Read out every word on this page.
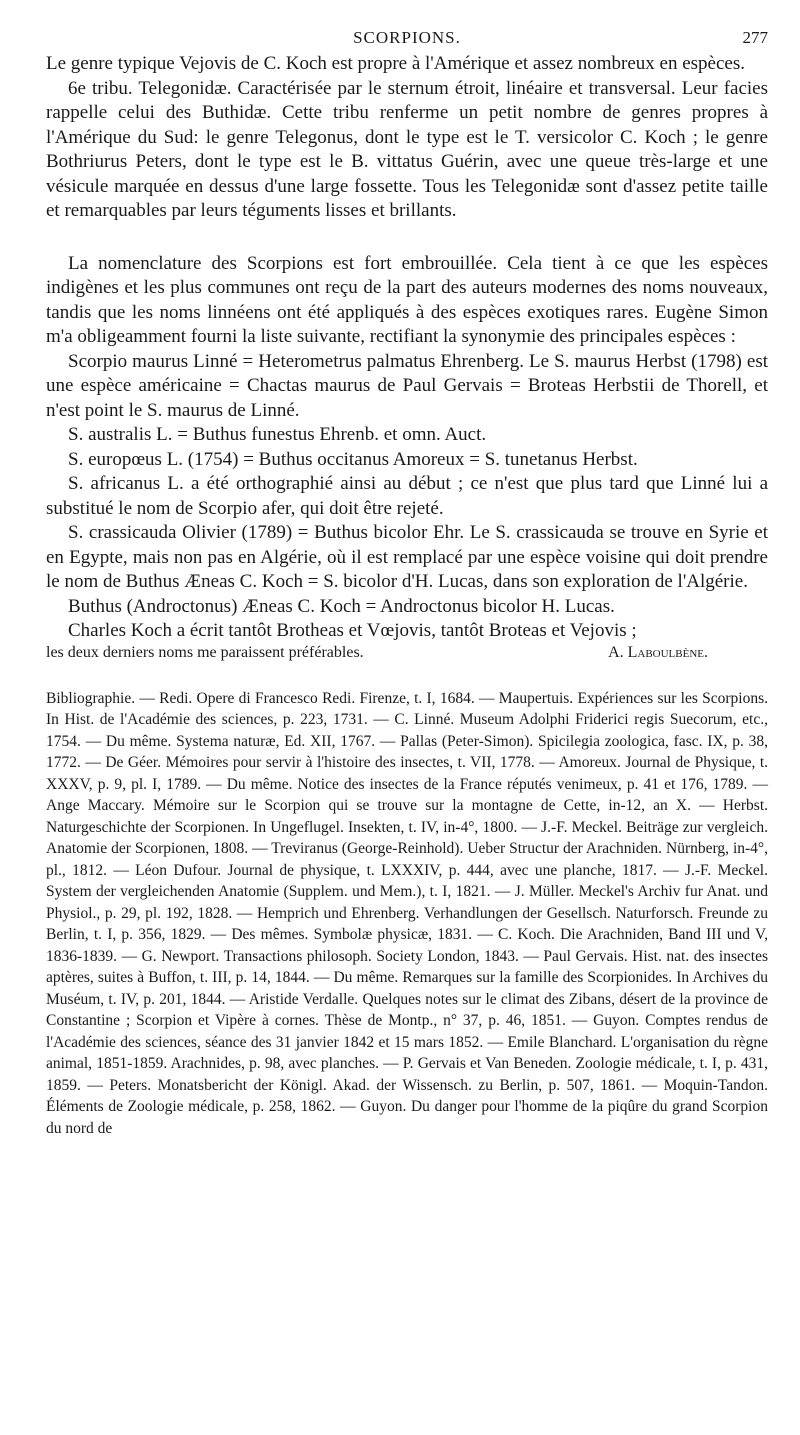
SCORPIONS.	277

Le genre typique Vejovis de C. Koch est propre à l'Amérique et assez nombreux en espèces.

6e tribu. Telegonidæ. Caractérisée par le sternum étroit, linéaire et transversal. Leur facies rappelle celui des Buthidæ. Cette tribu renferme un petit nombre de genres propres à l'Amérique du Sud: le genre Telegonus, dont le type est le T. versicolor C. Koch ; le genre Bothriurus Peters, dont le type est le B. vittatus Guérin, avec une queue très-large et une vésicule marquée en dessus d'une large fossette. Tous les Telegonidæ sont d'assez petite taille et remarquables par leurs téguments lisses et brillants.

La nomenclature des Scorpions est fort embrouillée. Cela tient à ce que les espèces indigènes et les plus communes ont reçu de la part des auteurs modernes des noms nouveaux, tandis que les noms linnéens ont été appliqués à des espèces exotiques rares. Eugène Simon m'a obligeamment fourni la liste suivante, rectifiant la synonymie des principales espèces :

Scorpio maurus Linné = Heterometrus palmatus Ehrenberg. Le S. maurus Herbst (1798) est une espèce américaine = Chactas maurus de Paul Gervais = Broteas Herbstii de Thorell, et n'est point le S. maurus de Linné.

S. australis L. = Buthus funestus Ehrenb. et omn. Auct.

S. europœus L. (1754) = Buthus occitanus Amoreux = S. tunetanus Herbst.

S. africanus L. a été orthographié ainsi au début ; ce n'est que plus tard que Linné lui a substitué le nom de Scorpio afer, qui doit être rejeté.

S. crassicauda Olivier (1789) = Buthus bicolor Ehr. Le S. crassicauda se trouve en Syrie et en Egypte, mais non pas en Algérie, où il est remplacé par une espèce voisine qui doit prendre le nom de Buthus Æneas C. Koch = S. bicolor d'H. Lucas, dans son exploration de l'Algérie.

Buthus (Androctonus) Æneas C. Koch = Androctonus bicolor H. Lucas.

Charles Koch a écrit tantôt Brotheas et Vœjovis, tantôt Broteas et Vejovis ;

les deux derniers noms me paraissent préférables.	A. Laboulbène.

Bibliographie. — Redi. Opere di Francesco Redi. Firenze, t. I, 1684. — Maupertuis. Expériences sur les Scorpions. In Hist. de l'Académie des sciences, p. 223, 1731. — C. Linné. Museum Adolphi Friderici regis Suecorum, etc., 1754. — Du même. Systema naturæ, Ed. XII, 1767. — Pallas (Peter-Simon). Spicilegia zoologica, fasc. IX, p. 38, 1772. — De Géer. Mémoires pour servir à l'histoire des insectes, t. VII, 1778. — Amoreux. Journal de Physique, t. XXXV, p. 9, pl. I, 1789. — Du même. Notice des insectes de la France réputés venimeux, p. 41 et 176, 1789. — Ange Maccary. Mémoire sur le Scorpion qui se trouve sur la montagne de Cette, in-12, an X. — Herbst. Naturgeschichte der Scorpionen. In Ungeflugel. Insekten, t. IV, in-4°, 1800. — J.-F. Meckel. Beiträge zur vergleich. Anatomie der Scorpionen, 1808. — Treviranus (George-Reinhold). Ueber Structur der Arachniden. Nürnberg, in-4°, pl., 1812. — Léon Dufour. Journal de physique, t. LXXXIV, p. 444, avec une planche, 1817. — J.-F. Meckel. System der vergleichenden Anatomie (Supplem. und Mem.), t. I, 1821. — J. Müller. Meckel's Archiv fur Anat. und Physiol., p. 29, pl. 192, 1828. — Hemprich und Ehrenberg. Verhandlungen der Gesellsch. Naturforsch. Freunde zu Berlin, t. I, p. 356, 1829. — Des mêmes. Symbolæ physicæ, 1831. — C. Koch. Die Arachniden, Band III und V, 1836-1839. — G. Newport. Transactions philosoph. Society London, 1843. — Paul Gervais. Hist. nat. des insectes aptères, suites à Buffon, t. III, p. 14, 1844. — Du même. Remarques sur la famille des Scorpionides. In Archives du Muséum, t. IV, p. 201, 1844. — Aristide Verdalle. Quelques notes sur le climat des Zibans, désert de la province de Constantine ; Scorpion et Vipère à cornes. Thèse de Montp., n° 37, p. 46, 1851. — Guyon. Comptes rendus de l'Académie des sciences, séance des 31 janvier 1842 et 15 mars 1852. — Emile Blanchard. L'organisation du règne animal, 1851-1859. Arachnides, p. 98, avec planches. — P. Gervais et Van Beneden. Zoologie médicale, t. I, p. 431, 1859. — Peters. Monatsbericht der Königl. Akad. der Wissensch. zu Berlin, p. 507, 1861. — Moquin-Tandon. Éléments de Zoologie médicale, p. 258, 1862. — Guyon. Du danger pour l'homme de la piqûre du grand Scorpion du nord de
